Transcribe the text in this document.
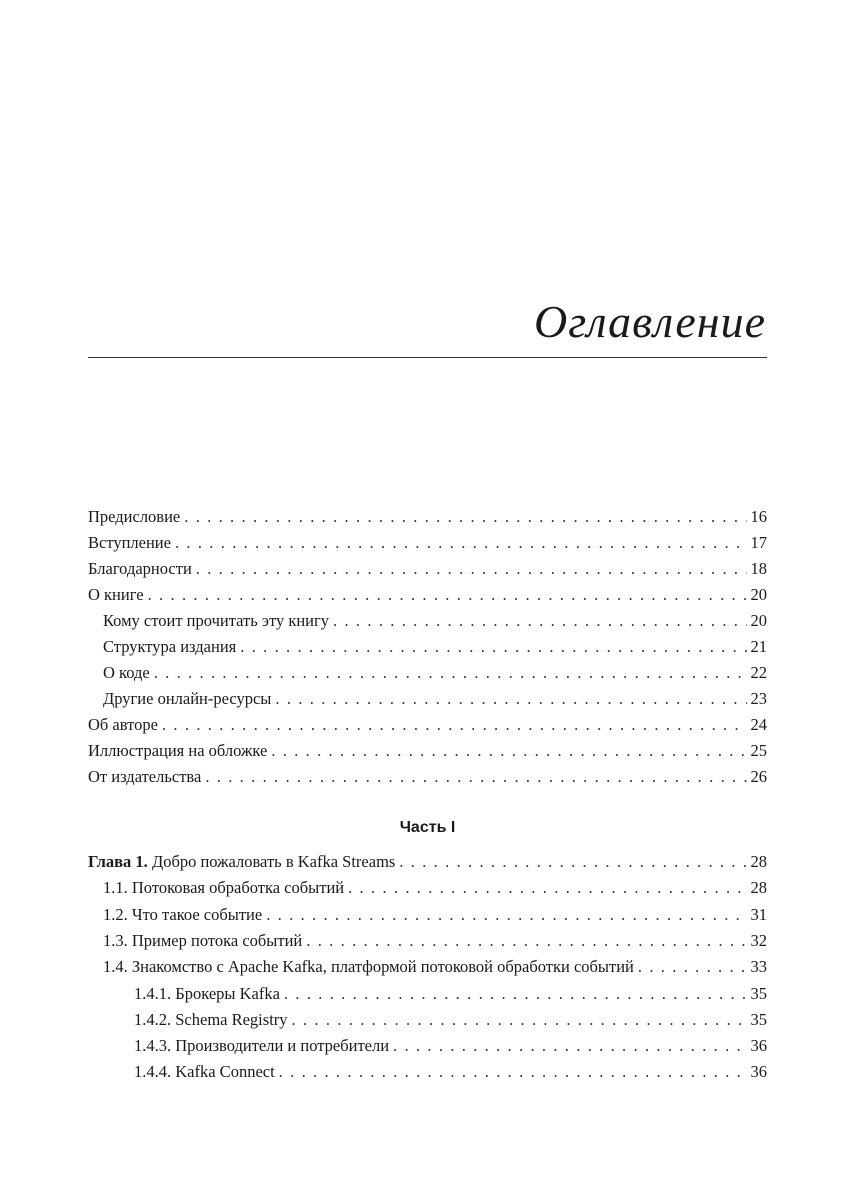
Оглавление
Предисловие . . .	16
Вступление . . .	17
Благодарности . . .	18
О книге . . .	20
Кому стоит прочитать эту книгу . . .	20
Структура издания . . .	21
О коде . . .	22
Другие онлайн-ресурсы . . .	23
Об авторе . . .	24
Иллюстрация на обложке . . .	25
От издательства . . .	26
Часть I
Глава 1. Добро пожаловать в Kafka Streams . . .	28
1.1. Потоковая обработка событий . . .	28
1.2. Что такое событие . . .	31
1.3. Пример потока событий . . .	32
1.4. Знакомство с Apache Kafka, платформой потоковой обработки событий . . .	33
1.4.1. Брокеры Kafka . . .	35
1.4.2. Schema Registry . . .	35
1.4.3. Производители и потребители . . .	36
1.4.4. Kafka Connect . . .	36
